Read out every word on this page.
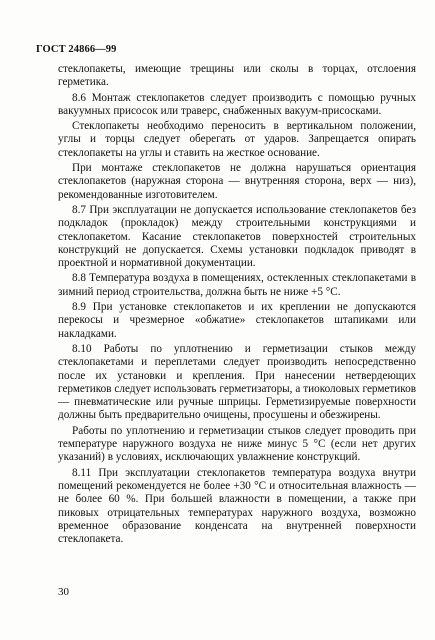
ГОСТ 24866—99

стеклопакеты, имеющие трещины или сколы в торцах, отслоения герметика.

8.6 Монтаж стеклопакетов следует производить с помощью ручных вакуумных присосок или траверс, снабженных вакуум-присосками.

Стеклопакеты необходимо переносить в вертикальном положении, углы и торцы следует оберегать от ударов. Запрещается опирать стеклопакеты на углы и ставить на жесткое основание.

При монтаже стеклопакетов не должна нарушаться ориентация стеклопакетов (наружная сторона — внутренняя сторона, верх — низ), рекомендованные изготовителем.

8.7 При эксплуатации не допускается использование стеклопакетов без подкладок (прокладок) между строительными конструкциями и стеклопакетом. Касание стеклопакетов поверхностей строительных конструкций не допускается. Схемы установки подкладок приводят в проектной и нормативной документации.

8.8 Температура воздуха в помещениях, остекленных стеклопакетами в зимний период строительства, должна быть не ниже +5 °С.

8.9 При установке стеклопакетов и их креплении не допускаются перекосы и чрезмерное «обжатие» стеклопакетов штапиками или накладками.

8.10 Работы по уплотнению и герметизации стыков между стеклопакетами и переплетами следует производить непосредственно после их установки и крепления. При нанесении нетвердеющих герметиков следует использовать герметизаторы, а тиоколовых герметиков — пневматические или ручные шприцы. Герметизируемые поверхности должны быть предварительно очищены, просушены и обезжирены.

Работы по уплотнению и герметизации стыков следует проводить при температуре наружного воздуха не ниже минус 5 °С (если нет других указаний) в условиях, исключающих увлажнение конструкций.

8.11 При эксплуатации стеклопакетов температура воздуха внутри помещений рекомендуется не более +30 °С и относительная влажность — не более 60 %. При большей влажности в помещении, а также при пиковых отрицательных температурах наружного воздуха, возможно временное образование конденсата на внутренней поверхности стеклопакета.

30
